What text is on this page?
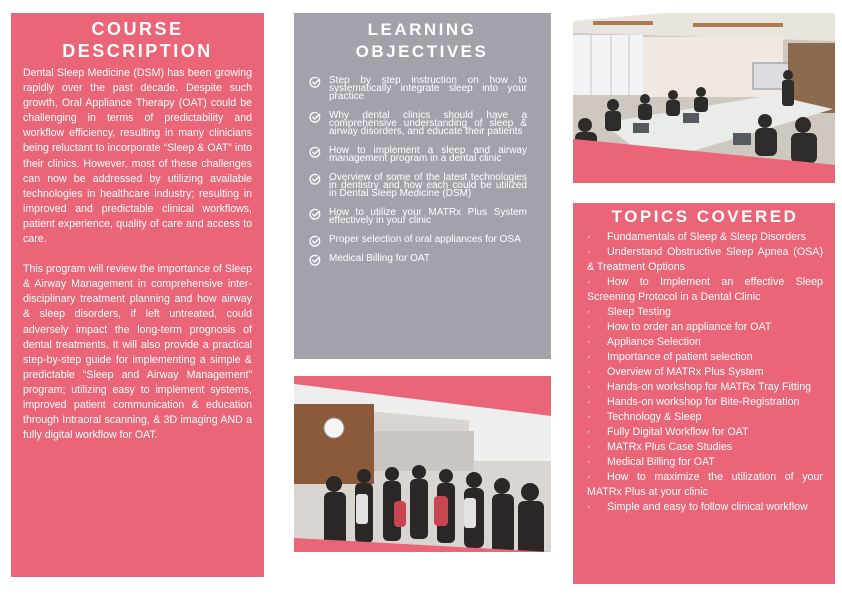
COURSE
DESCRIPTION

Dental Sleep Medicine (DSM) has been growing rapidly over the past decade. Despite such growth, Oral Appliance Therapy (OAT) could be challenging in terms of predictability and workflow efficiency, resulting in many clinicians being reluctant to incorporate “Sleep & OAT” into their clinics. However, most of these challenges can now be addressed by utilizing available technologies in healthcare industry; resulting in improved and predictable clinical workflows, patient experience, quality of care and access to care.

This program will review the importance of Sleep & Airway Management in comprehensive inter-disciplinary treatment planning and how airway & sleep disorders, if left untreated, could adversely impact the long-term prognosis of dental treatments. It will also provide a practical step-by-step guide for implementing a simple & predictable “Sleep and Airway Management” program; utilizing easy to implement systems, improved patient communication & education through Intraoral scanning, & 3D imaging AND a fully digital workflow for OAT.

LEARNING
OBJECTIVES
Step by step instruction on how to systematically integrate sleep into your practice
Why dental clinics should have a comprehensive understanding of sleep & airway disorders, and educate their patients
How to implement a sleep and airway management program in a dental clinic
Overview of some of the latest technologies in dentistry and how each could be utilized in Dental Sleep Medicine (DSM)
How to utilize your MATRx Plus System effectively in your clinic
Proper selection of oral appliances for OSA
Medical Billing for OAT
TOPICS COVERED
· Fundamentals of Sleep & Sleep Disorders
· Understand Obstructive Sleep Apnea (OSA) & Treatment Options
· How to Implement an effective Sleep Screening Protocol in a Dental Clinic
· Sleep Testing
· How to order an appliance for OAT
· Appliance Selection
· Importance of patient selection
· Overview of MATRx Plus System
· Hands-on workshop for MATRx Tray Fitting
· Hands-on workshop for Bite-Registration
· Technology & Sleep
· Fully Digital Workflow for OAT
· MATRx Plus Case Studies
· Medical Billing for OAT
· How to maximize the utilization of your MATRx Plus at your clinic
· Simple and easy to follow clinical workflow
